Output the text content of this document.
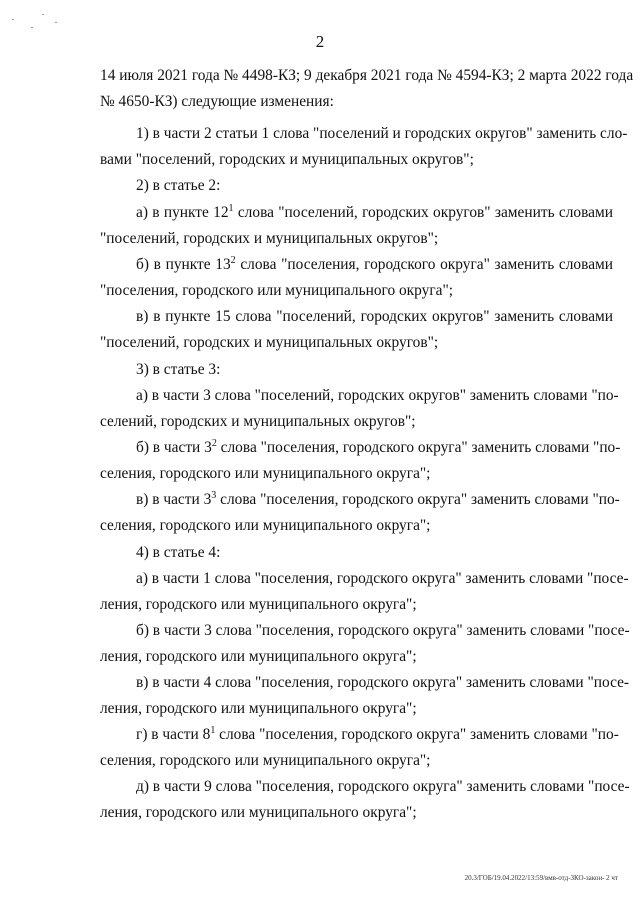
2
14 июля 2021 года № 4498-КЗ; 9 декабря 2021 года № 4594-КЗ; 2 марта 2022 года
№ 4650-КЗ) следующие изменения:
1) в части 2 статьи 1 слова "поселений и городских округов" заменить сло-
вами "поселений, городских и муниципальных округов";
2) в статье 2:
а) в пункте $12^1$ слова "поселений, городских округов" заменить словами
"поселений, городских и муниципальных округов";
б) в пункте $13^2$ слова "поселения, городского округа" заменить словами
"поселения, городского или муниципального округа";
в) в пункте 15 слова "поселений, городских округов" заменить словами
"поселений, городских и муниципальных округов";
3) в статье 3:
а) в части 3 слова "поселений, городских округов" заменить словами "по-
селений, городских и муниципальных округов";
б) в части $3^2$ слова "поселения, городского округа" заменить словами "по-
селения, городского или муниципального округа";
в) в части $3^3$ слова "поселения, городского округа" заменить словами "по-
селения, городского или муниципального округа";
4) в статье 4:
а) в части 1 слова "поселения, городского округа" заменить словами "посе-
ления, городского или муниципального округа";
б) в части 3 слова "поселения, городского округа" заменить словами "посе-
ления, городского или муниципального округа";
в) в части 4 слова "поселения, городского округа" заменить словами "посе-
ления, городского или муниципального округа";
г) в части $8^1$ слова "поселения, городского округа" заменить словами "по-
селения, городского или муниципального округа";
д) в части 9 слова "поселения, городского округа" заменить словами "посе-
ления, городского или муниципального округа";
20.3/ГОБ/19.04.2022/13:59/вмв-отд-ЗКО-закон- 2 чт
